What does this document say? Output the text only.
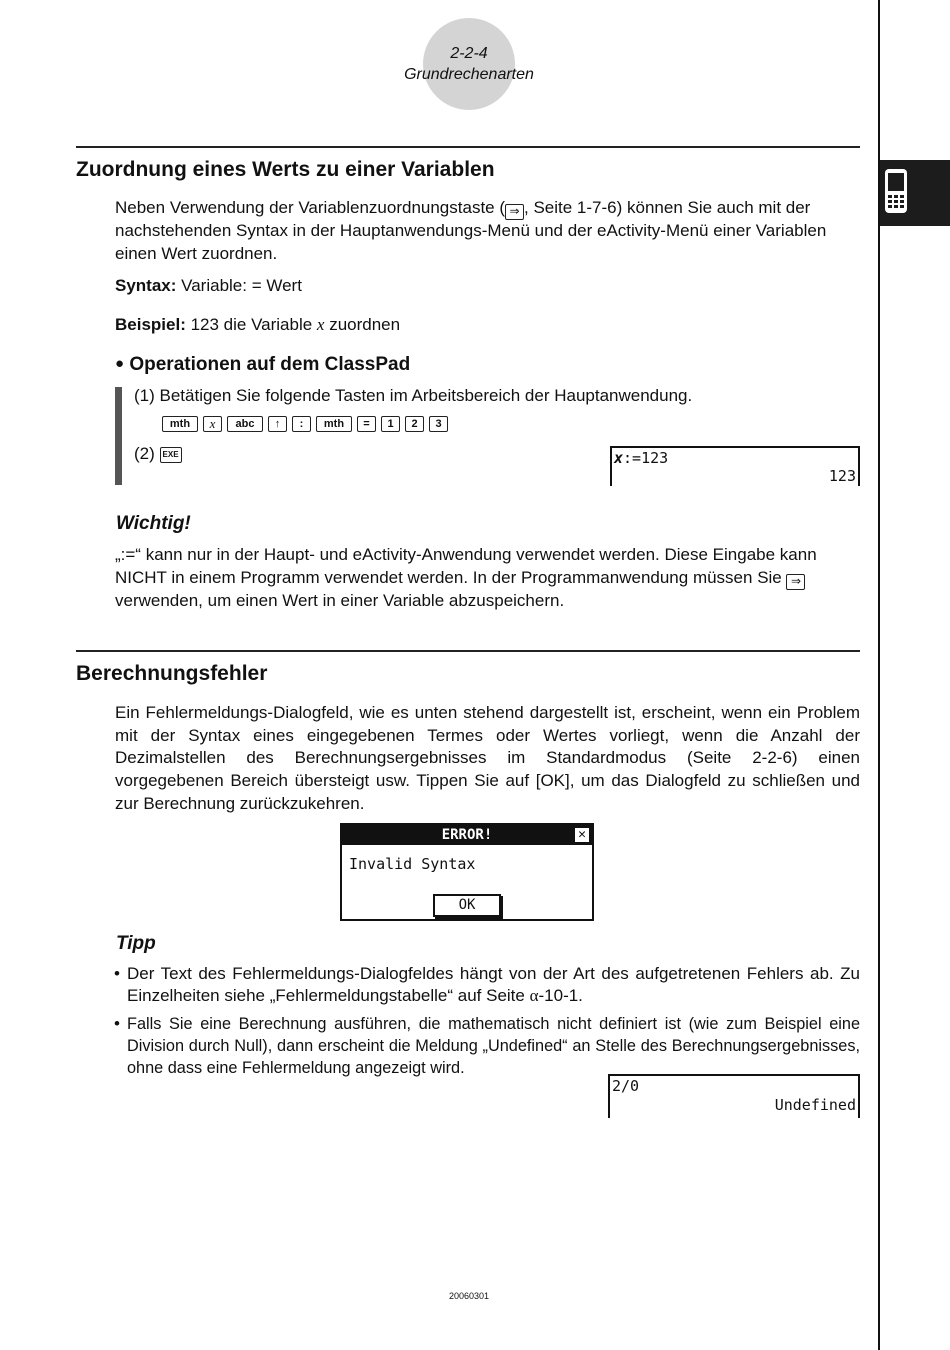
2-2-4
Grundrechenarten
Zuordnung eines Werts zu einer Variablen
Neben Verwendung der Variablenzuordnungstaste ( ⇒ , Seite 1-7-6) können Sie auch mit der nachstehenden Syntax in der Hauptanwendungs-Menü und der eActivity-Menü einer Variablen einen Wert zuordnen.
Syntax: Variable: = Wert
Beispiel: 123 die Variable x zuordnen
● Operationen auf dem ClassPad
(1) Betätigen Sie folgende Tasten im Arbeitsbereich der Hauptanwendung.
mth	x	abc	↑	:	mth	=	1	2	3
(2) EXE	x:=123
123
Wichtig!
„:=“ kann nur in der Haupt- und eActivity-Anwendung verwendet werden. Diese Eingabe kann NICHT in einem Programm verwendet werden. In der Programmanwendung müssen Sie ⇒
verwenden, um einen Wert in einer Variable abzuspeichern.
Berechnungsfehler
Ein Fehlermeldungs-Dialogfeld, wie es unten stehend dargestellt ist, erscheint, wenn ein Problem mit der Syntax eines eingegebenen Termes oder Wertes vorliegt, wenn die Anzahl der Dezimalstellen des Berechnungsergebnisses im Standardmodus (Seite 2-2-6) einen vorgegebenen Bereich übersteigt usw. Tippen Sie auf [OK], um das Dialogfeld zu schließen und zur Berechnung zurückzukehren.
ERROR!	✕
Invalid Syntax
OK
Tipp
• Der Text des Fehlermeldungs-Dialogfeldes hängt von der Art des aufgetretenen Fehlers ab. Zu Einzelheiten siehe „Fehlermeldungstabelle“ auf Seite α-10-1.
• Falls Sie eine Berechnung ausführen, die mathematisch nicht definiert ist (wie zum Beispiel eine Division durch Null), dann erscheint die Meldung „Undefined“ an Stelle des Berechnungsergebnisses, ohne dass eine Fehlermeldung angezeigt wird.
2/0
Undefined
20060301
